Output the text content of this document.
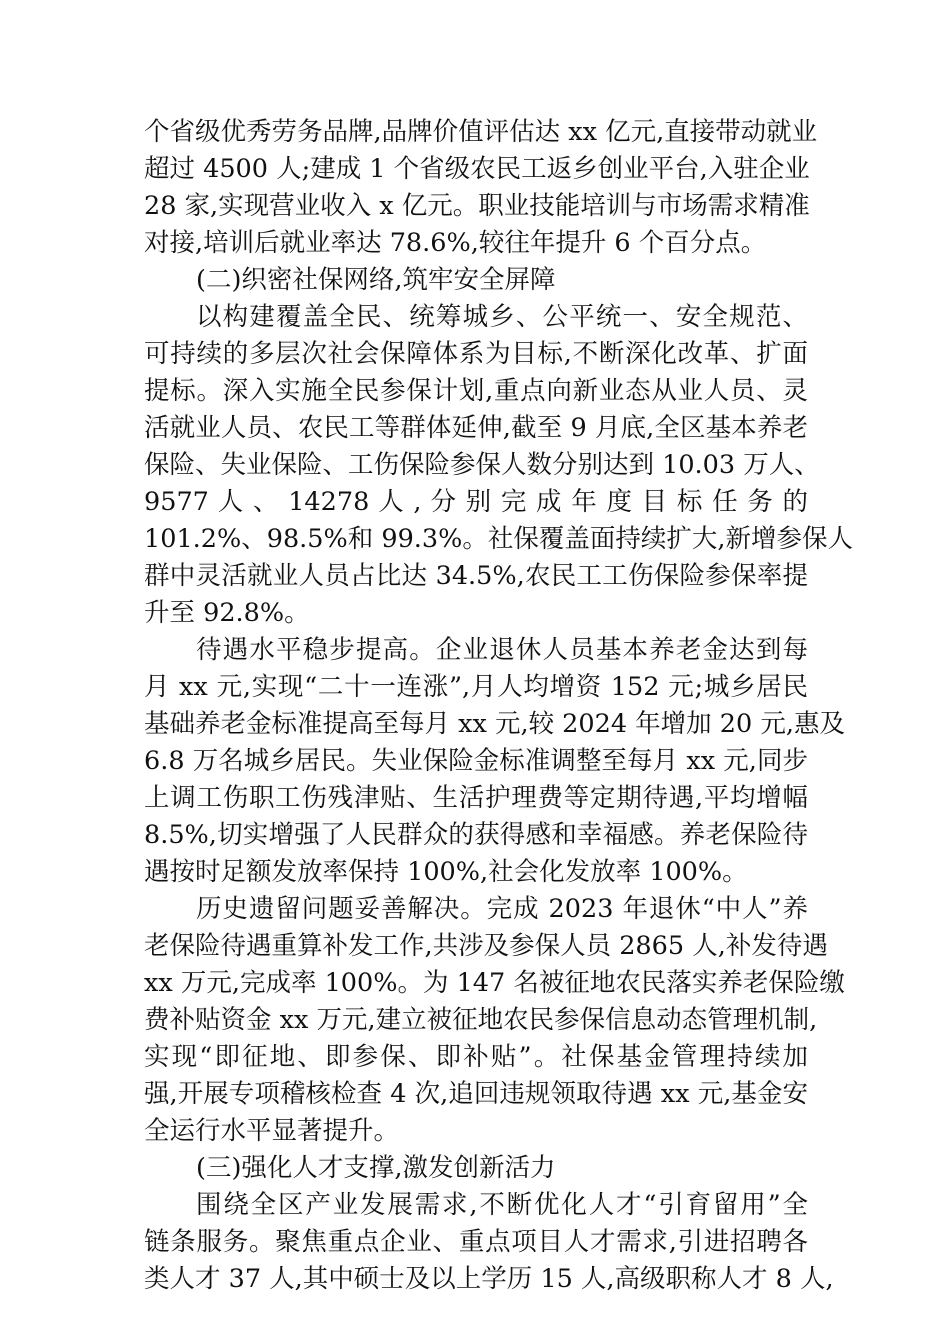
个省级优秀劳务品牌,品牌价值评估达 xx 亿元,直接带动就业
超过 4500 人;建成 1 个省级农民工返乡创业平台,入驻企业
28 家,实现营业收入 x 亿元。职业技能培训与市场需求精准
对接,培训后就业率达 78.6%,较往年提升 6 个百分点。
(二)织密社保网络,筑牢安全屏障
以构建覆盖全民、统筹城乡、公平统一、安全规范、
可持续的多层次社会保障体系为目标,不断深化改革、扩面
提标。深入实施全民参保计划,重点向新业态从业人员、灵
活就业人员、农民工等群体延伸,截至 9 月底,全区基本养老
保险、失业保险、工伤保险参保人数分别达到 10.03 万人、
9577 人 、 14278 人 , 分 别 完 成 年 度 目 标 任 务 的
101.2%、98.5%和 99.3%。社保覆盖面持续扩大,新增参保人
群中灵活就业人员占比达 34.5%,农民工工伤保险参保率提
升至 92.8%。
待遇水平稳步提高。企业退休人员基本养老金达到每
月 xx 元,实现“二十一连涨”,月人均增资 152 元;城乡居民
基础养老金标准提高至每月 xx 元,较 2024 年增加 20 元,惠及
6.8 万名城乡居民。失业保险金标准调整至每月 xx 元,同步
上调工伤职工伤残津贴、生活护理费等定期待遇,平均增幅
8.5%,切实增强了人民群众的获得感和幸福感。养老保险待
遇按时足额发放率保持 100%,社会化发放率 100%。
历史遗留问题妥善解决。完成 2023 年退休“中人”养
老保险待遇重算补发工作,共涉及参保人员 2865 人,补发待遇
xx 万元,完成率 100%。为 147 名被征地农民落实养老保险缴
费补贴资金 xx 万元,建立被征地农民参保信息动态管理机制,
实现“即征地、即参保、即补贴”。社保基金管理持续加
强,开展专项稽核检查 4 次,追回违规领取待遇 xx 元,基金安
全运行水平显著提升。
(三)强化人才支撑,激发创新活力
围绕全区产业发展需求,不断优化人才“引育留用”全
链条服务。聚焦重点企业、重点项目人才需求,引进招聘各
类人才 37 人,其中硕士及以上学历 15 人,高级职称人才 8 人,
